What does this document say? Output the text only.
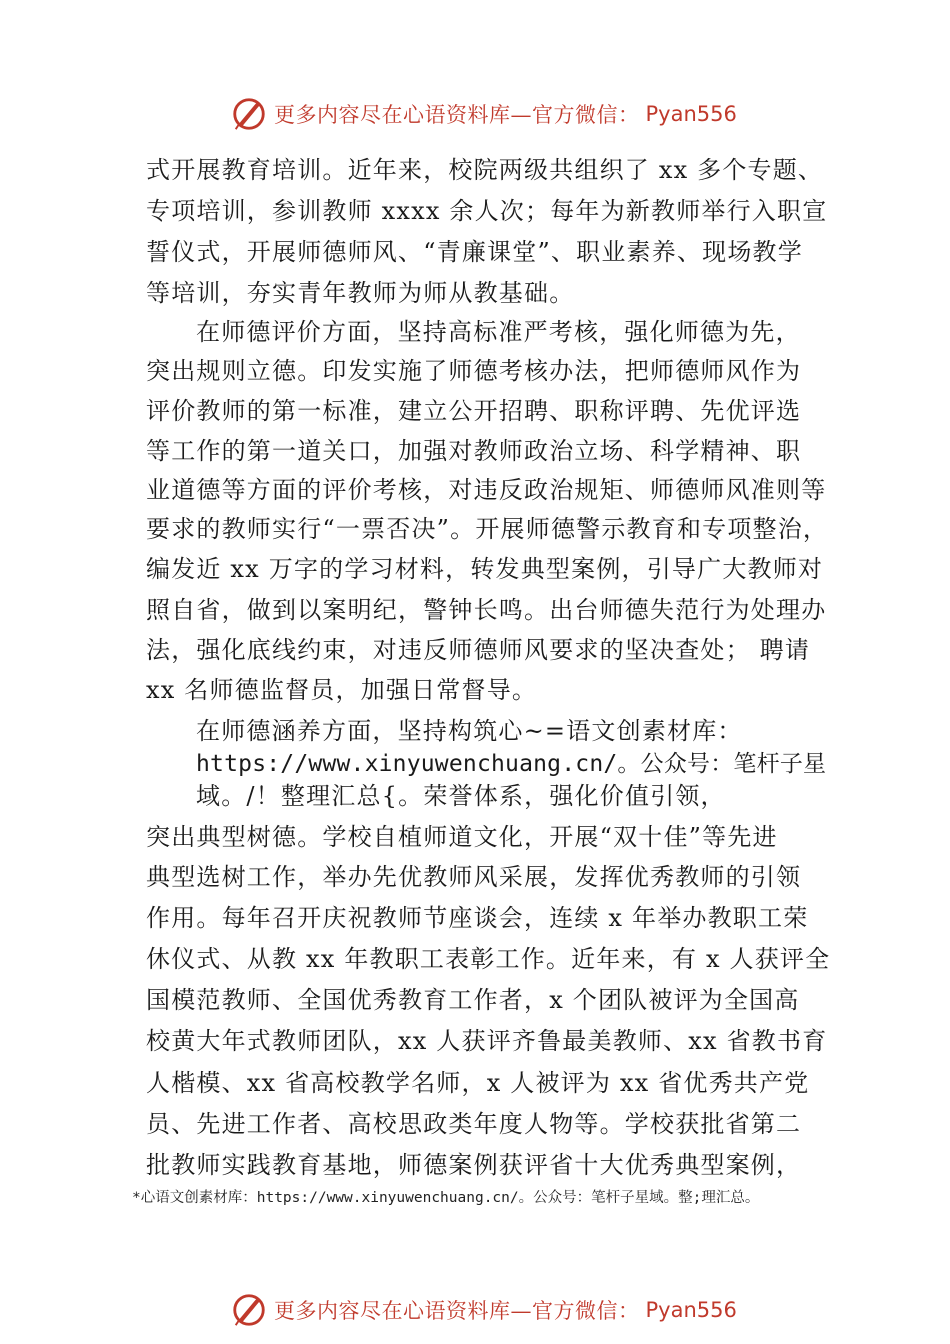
更多内容尽在心语资料库—官方微信： Pyan556
式开展教育培训。近年来，校院两级共组织了 xx 多个专题、
专项培训，参训教师 xxxx 余人次；每年为新教师举行入职宣
誓仪式，开展师德师风、“青廉课堂”、职业素养、现场教学
等培训，夯实青年教师为师从教基础。
在师德评价方面，坚持高标准严考核，强化师德为先，
突出规则立德。印发实施了师德考核办法，把师德师风作为
评价教师的第一标准，建立公开招聘、职称评聘、先优评选
等工作的第一道关口，加强对教师政治立场、科学精神、职
业道德等方面的评价考核，对违反政治规矩、师德师风准则等
要求的教师实行“一票否决”。开展师德警示教育和专项整治，
编发近 xx 万字的学习材料，转发典型案例，引导广大教师对
照自省，做到以案明纪，警钟长鸣。出台师德失范行为处理办
法，强化底线约束，对违反师德师风要求的坚决查处； 聘请
xx 名师德监督员，加强日常督导。
在师德涵养方面，坚持构筑心~=语文创素材库：
https://www.xinyuwenchuang.cn/。公众号：笔杆子星
域。/！整理汇总{。荣誉体系，强化价值引领，
突出典型树德。学校⾃植师道文化，开展“双十佳”等先进
典型选树工作，举办先优教师风采展，发挥优秀教师的引领
作用。每年召开庆祝教师节座谈会，连续 x 年举办教职工荣
休仪式、从教 xx 年教职工表彰工作。近年来，有 x 人获评全
国模范教师、全国优秀教育工作者，x 个团队被评为全国高
校黄大年式教师团队，xx 人获评齐鲁最美教师、xx 省教书育
人楷模、xx 省高校教学名师，x 人被评为 xx 省优秀共产党
员、先进工作者、高校思政类年度人物等。学校获批省第二
批教师实践教育基地，师德案例获评省十大优秀典型案例，
*心语文创素材库：https://www.xinyuwenchuang.cn/。公众号：笔杆子星域。整;理汇总。
更多内容尽在心语资料库—官方微信： Pyan556
